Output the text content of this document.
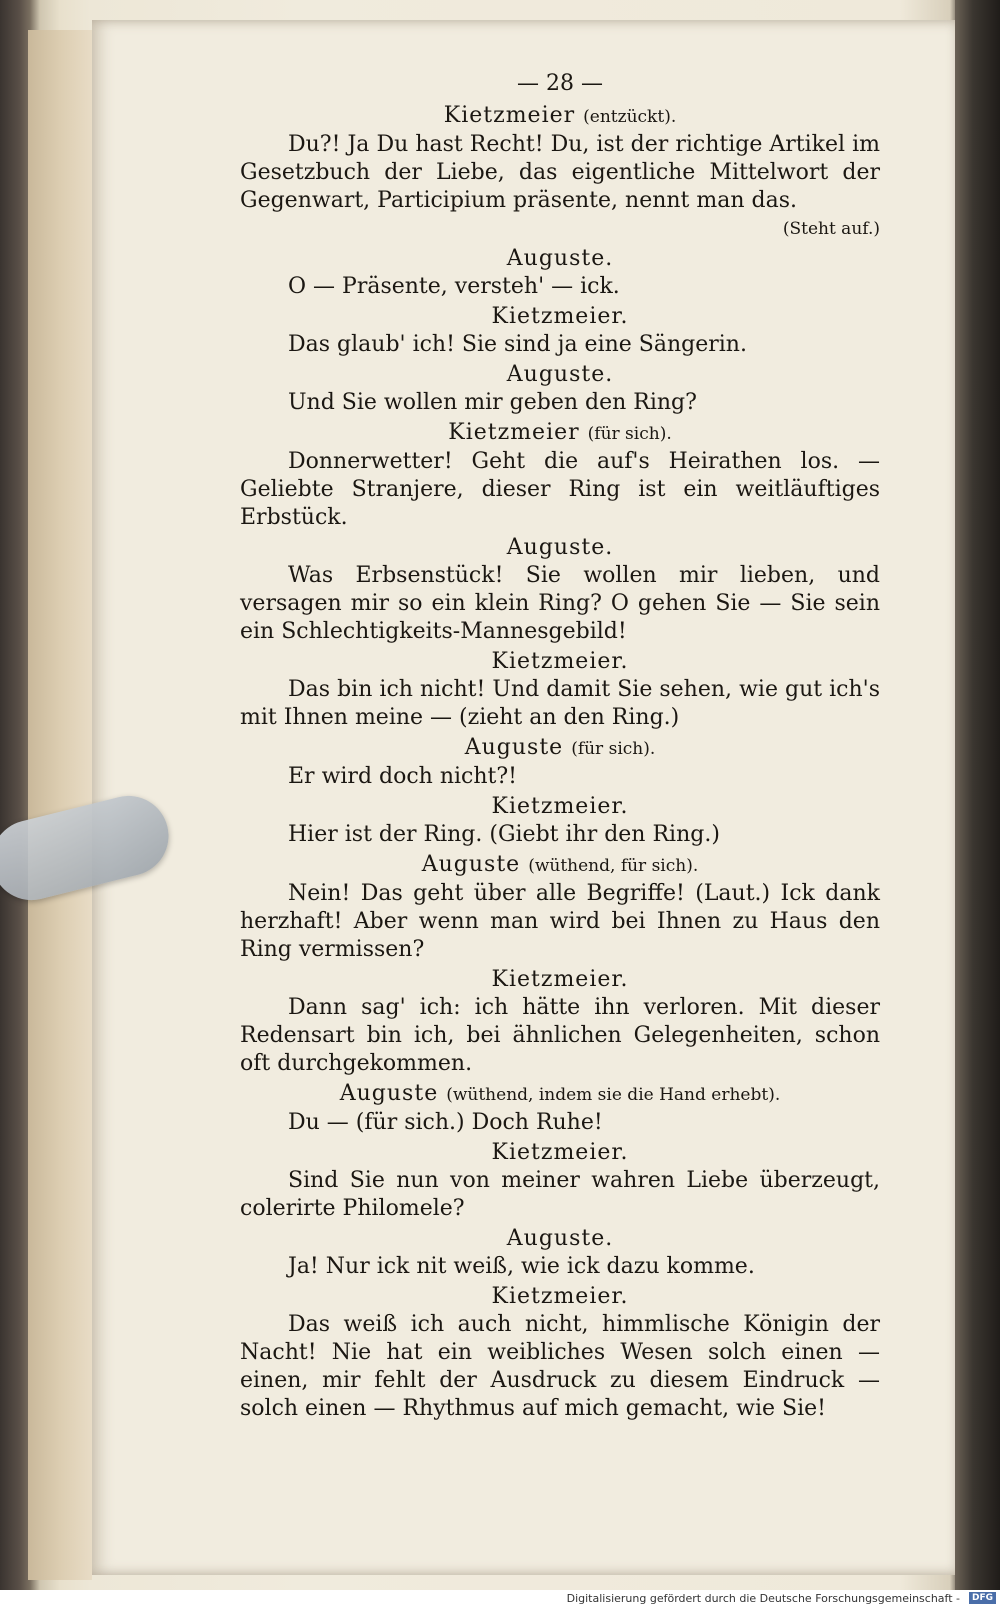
— 28 —
Kietzmeier (entzückt).
Du?! Ja Du hast Recht! Du, ist der richtige Artikel im Gesetzbuch der Liebe, das eigentliche Mittelwort der Gegenwart, Participium präsente, nennt man das.
(Steht auf.)
Auguste.
O — Präsente, versteh' — ick.
Kietzmeier.
Das glaub' ich! Sie sind ja eine Sängerin.
Auguste.
Und Sie wollen mir geben den Ring?
Kietzmeier (für sich).
Donnerwetter! Geht die auf's Heirathen los. — Geliebte Stranjere, dieser Ring ist ein weitläuftiges Erbstück.
Auguste.
Was Erbsenstück! Sie wollen mir lieben, und versagen mir so ein klein Ring? O gehen Sie — Sie sein ein Schlechtigkeits-Mannesgebild!
Kietzmeier.
Das bin ich nicht! Und damit Sie sehen, wie gut ich's mit Ihnen meine — (zieht an den Ring.)
Auguste (für sich).
Er wird doch nicht?!
Kietzmeier.
Hier ist der Ring. (Giebt ihr den Ring.)
Auguste (wüthend, für sich).
Nein! Das geht über alle Begriffe! (Laut.) Ick dank herzhaft! Aber wenn man wird bei Ihnen zu Haus den Ring vermissen?
Kietzmeier.
Dann sag' ich: ich hätte ihn verloren. Mit dieser Redensart bin ich, bei ähnlichen Gelegenheiten, schon oft durchgekommen.
Auguste (wüthend, indem sie die Hand erhebt).
Du — (für sich.) Doch Ruhe!
Kietzmeier.
Sind Sie nun von meiner wahren Liebe überzeugt, colerirte Philomele?
Auguste.
Ja! Nur ick nit weiß, wie ick dazu komme.
Kietzmeier.
Das weiß ich auch nicht, himmlische Königin der Nacht! Nie hat ein weibliches Wesen solch einen — einen, mir fehlt der Ausdruck zu diesem Eindruck — solch einen — Rhythmus auf mich gemacht, wie Sie!
Digitalisierung gefördert durch die Deutsche Forschungsgemeinschaft -	DFG
